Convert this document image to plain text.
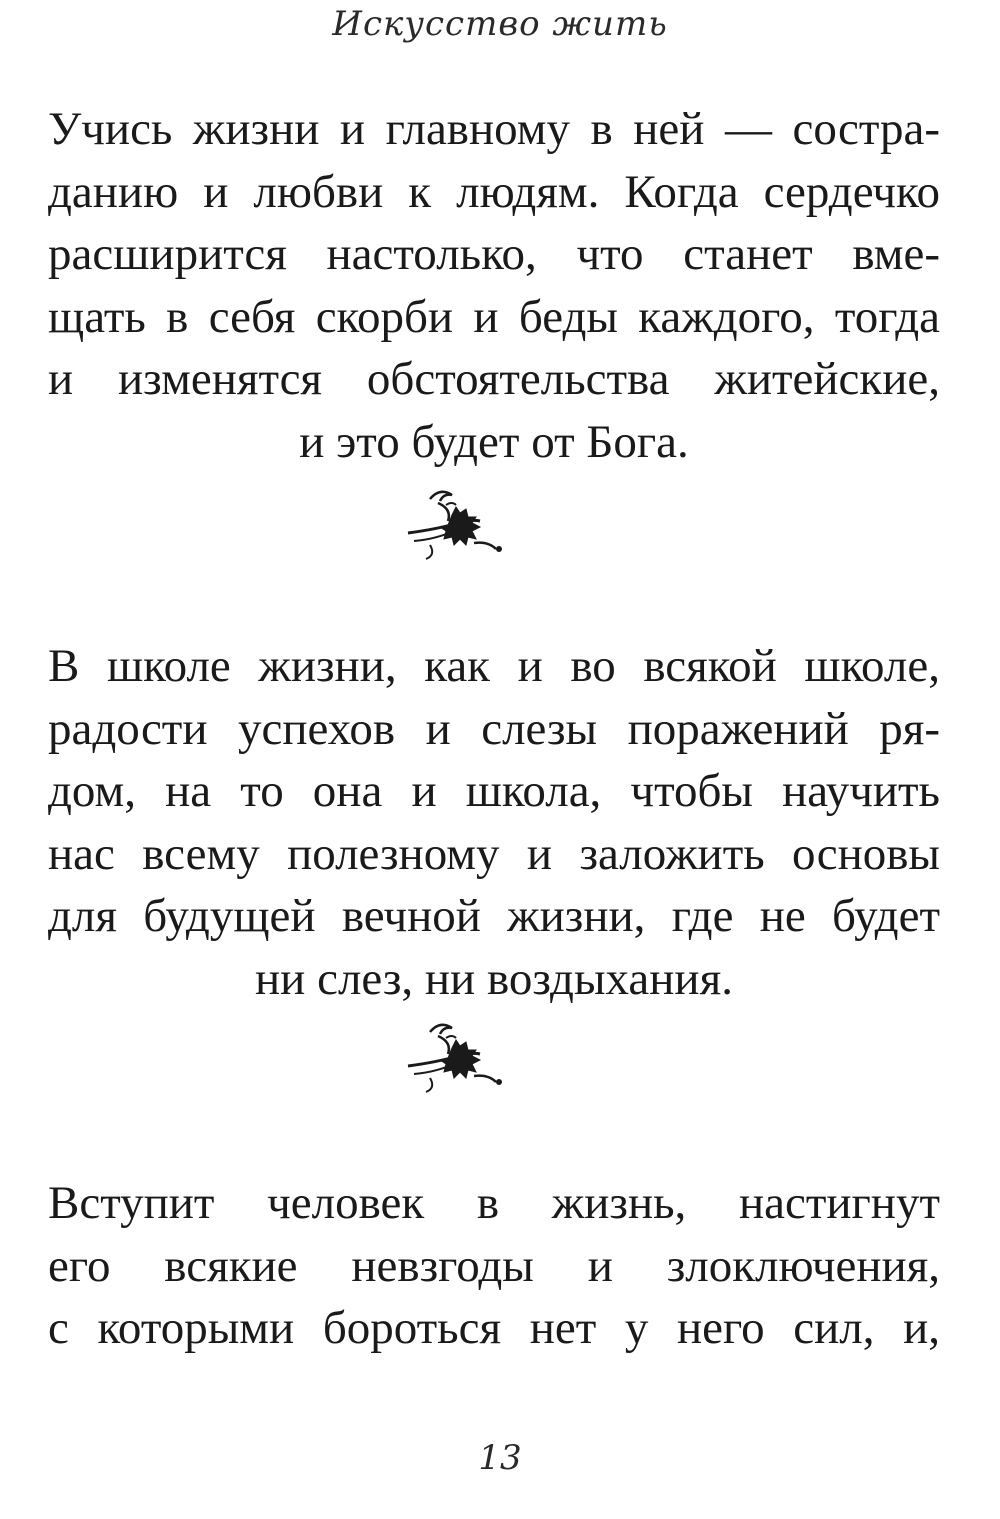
Искусство жить

Учись жизни и главному в ней — состра-
данию и любви к людям. Когда сердечко
расширится настолько, что станет вме-
щать в себя скорби и беды каждого, тогда
и изменятся обстоятельства житейские,
и это будет от Бога.

В школе жизни, как и во всякой школе,
радости успехов и слезы поражений ря-
дом, на то она и школа, чтобы научить
нас всему полезному и заложить основы
для будущей вечной жизни, где не будет
ни слез, ни воздыхания.

Вступит человек в жизнь, настигнут
его всякие невзгоды и злоключения,
с которыми бороться нет у него сил, и,

13
